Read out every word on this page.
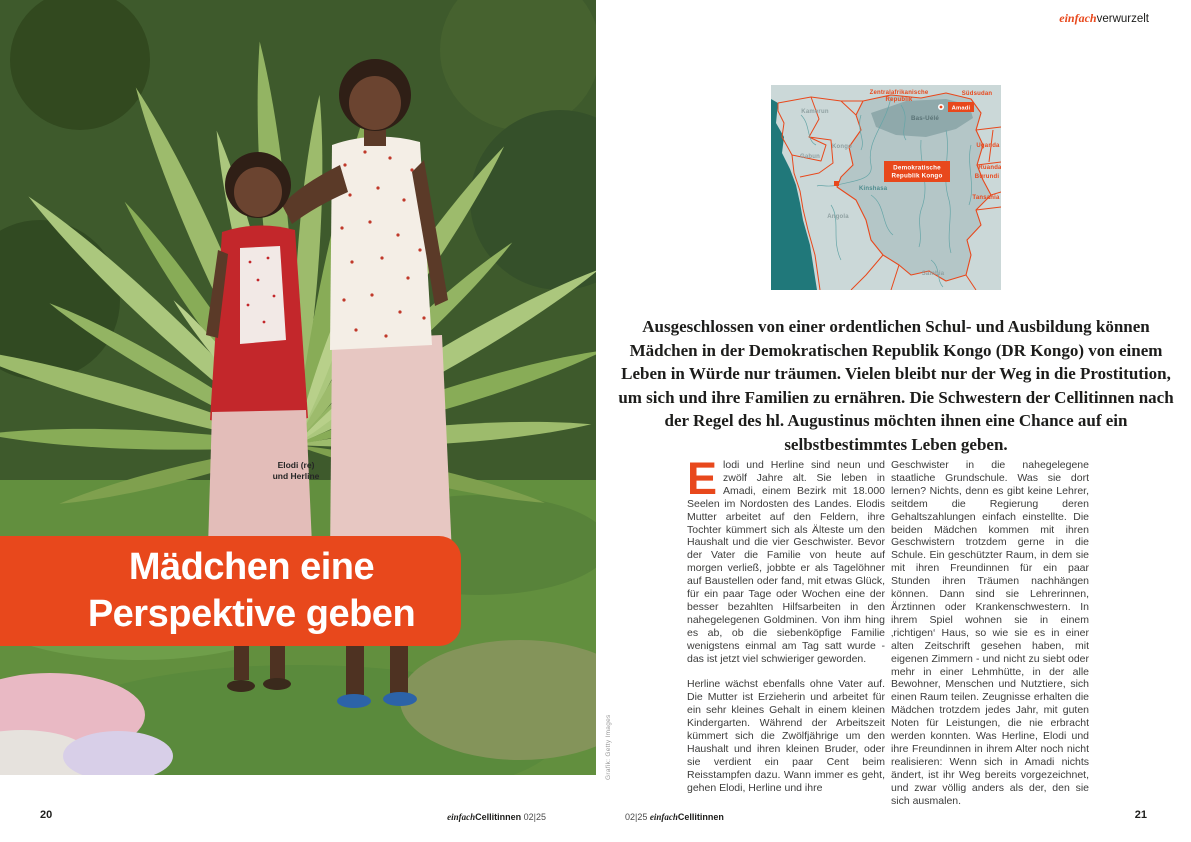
Elodi (re)
und Herline
Mädchen eine
Perspektive geben
20	einfachCellitinnen 02|25
einfachverwurzelt
Amadi
Demokratische
Republik Kongo
Zentralafrikanische
Republik
Südsudan
Kamerun
Kongo
Gabun
Bas-Uélé
Uganda
Ruanda
Burundi
Tansania
Kinshasa
Angola
Sambia
Grafik: Getty Images
Ausgeschlossen von einer ordentlichen Schul- und Ausbildung können Mädchen in der Demokratischen Republik Kongo (DR Kongo) von einem Leben in Würde nur träumen. Vielen bleibt nur der Weg in die Prostitution, um sich und ihre Familien zu ernähren. Die Schwestern der Cellitinnen nach der Regel des hl. Augustinus möchten ihnen eine Chance auf ein selbstbestimmtes Leben geben.

Elodi und Herline sind neun und zwölf Jahre alt. Sie leben in Amadi, einem Bezirk mit 18.000 Seelen im Nordosten des Landes. Elodis Mutter arbeitet auf den Feldern, ihre Tochter kümmert sich als Älteste um den Haushalt und die vier Geschwister. Bevor der Vater die Familie von heute auf morgen verließ, jobbte er als Tagelöhner auf Baustellen oder fand, mit etwas Glück, für ein paar Tage oder Wochen eine der besser bezahlten Hilfsarbeiten in den nahegelegenen Goldminen. Von ihm hing es ab, ob die siebenköpfige Familie wenigstens einmal am Tag satt wurde - das ist jetzt viel schwieriger geworden.

Herline wächst ebenfalls ohne Vater auf. Die Mutter ist Erzieherin und arbeitet für ein sehr kleines Gehalt in einem kleinen Kindergarten. Während der Arbeitszeit kümmert sich die Zwölfjährige um den Haushalt und ihren kleinen Bruder, oder sie verdient ein paar Cent beim Reisstampfen dazu. Wann immer es geht, gehen Elodi, Herline und ihre

Geschwister in die nahegelegene staatliche Grundschule. Was sie dort lernen? Nichts, denn es gibt keine Lehrer, seitdem die Regierung deren Gehaltszahlungen einfach einstellte. Die beiden Mädchen kommen mit ihren Geschwistern trotzdem gerne in die Schule. Ein geschützter Raum, in dem sie mit ihren Freundinnen für ein paar Stunden ihren Träumen nachhängen können. Dann sind sie Lehrerinnen, Ärztinnen oder Krankenschwestern. In ihrem Spiel wohnen sie in einem ‚richtigen‘ Haus, so wie sie es in einer alten Zeitschrift gesehen haben, mit eigenen Zimmern - und nicht zu siebt oder mehr in einer Lehmhütte, in der alle Bewohner, Menschen und Nutztiere, sich einen Raum teilen. Zeugnisse erhalten die Mädchen trotzdem jedes Jahr, mit guten Noten für Leistungen, die nie erbracht werden konnten. Was Herline, Elodi und ihre Freundinnen in ihrem Alter noch nicht realisieren: Wenn sich in Amadi nichts ändert, ist ihr Weg bereits vorgezeichnet, und zwar völlig anders als der, den sie sich ausmalen.

02|25 einfachCellitinnen	21
